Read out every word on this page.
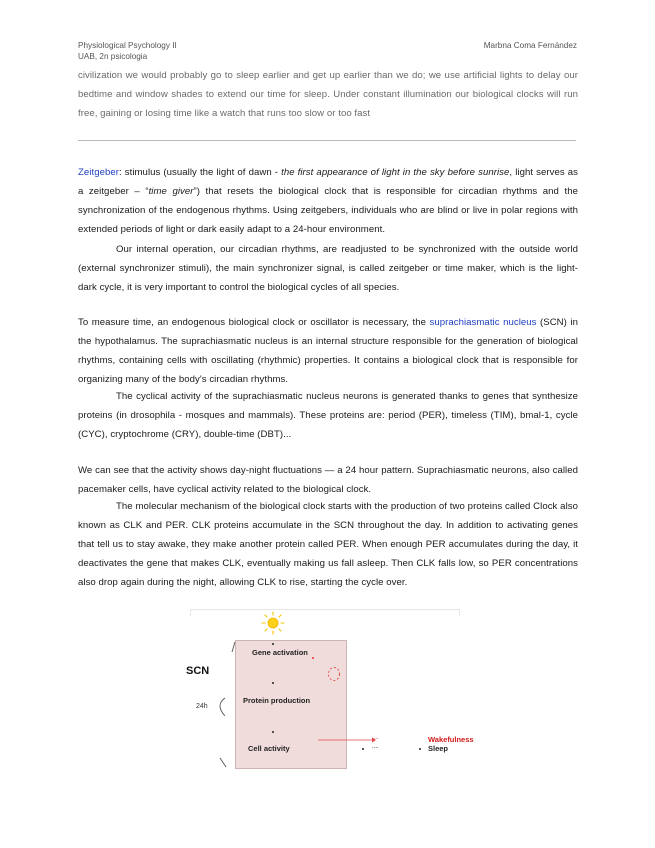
Physiological Psychology II
UAB, 2n psicologia
Marbna Coma Fernández

civilization we would probably go to sleep earlier and get up earlier than we do; we use artificial lights to delay our bedtime and window shades to extend our time for sleep. Under constant illumination our biological clocks will run free, gaining or losing time like a watch that runs too slow or too fast

Zeitgeber: stimulus (usually the light of dawn - the first appearance of light in the sky before sunrise, light serves as a zeitgeber – “time giver”) that resets the biological clock that is responsible for circadian rhythms and the synchronization of the endogenous rhythms. Using zeitgebers, individuals who are blind or live in polar regions with extended periods of light or dark easily adapt to a 24-hour environment.

Our internal operation, our circadian rhythms, are readjusted to be synchronized with the outside world (external synchronizer stimuli), the main synchronizer signal, is called zeitgeber or time maker, which is the light-dark cycle, it is very important to control the biological cycles of all species.

To measure time, an endogenous biological clock or oscillator is necessary, the suprachiasmatic nucleus (SCN) in the hypothalamus. The suprachiasmatic nucleus is an internal structure responsible for the generation of biological rhythms, containing cells with oscillating (rhythmic) properties. It contains a biological clock that is responsible for organizing many of the body's circadian rhythms.

The cyclical activity of the suprachiasmatic nucleus neurons is generated thanks to genes that synthesize proteins (in drosophila - mosques and mammals). These proteins are: period (PER), timeless (TIM), bmal-1, cycle (CYC), cryptochrome (CRY), double-time (DBT)...

We can see that the activity shows day-night fluctuations — a 24 hour pattern. Suprachiasmatic neurons, also called pacemaker cells, have cyclical activity related to the biological clock.

The molecular mechanism of the biological clock starts with the production of two proteins called Clock also known as CLK and PER. CLK proteins accumulate in the SCN throughout the day. In addition to activating genes that tell us to stay awake, they make another protein called PER. When enough PER accumulates during the day, it deactivates the gene that makes CLK, eventually making us fall asleep. Then CLK falls low, so PER concentrations also drop again during the night, allowing CLK to rise, starting the cycle over.

SCN
24h
Gene activation
Protein production
Cell activity
....
....
Wakefulness
Sleep
